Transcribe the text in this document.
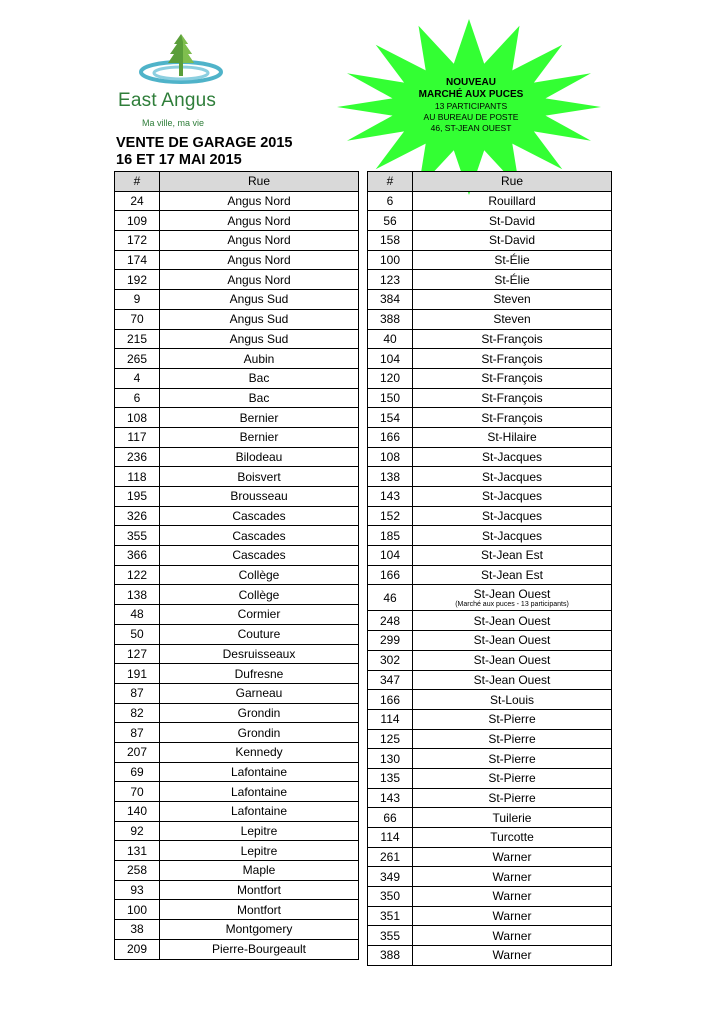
East Angus
Ma ville, ma vie
VENTE DE GARAGE 2015
16 ET 17 MAI 2015
NOUVEAU
MARCHÉ AUX PUCES
13 PARTICIPANTS
AU BUREAU DE POSTE
46, ST-JEAN OUEST
#	Rue
24	Angus Nord
109	Angus Nord
172	Angus Nord
174	Angus Nord
192	Angus Nord
9	Angus Sud
70	Angus Sud
215	Angus Sud
265	Aubin
4	Bac
6	Bac
108	Bernier
117	Bernier
236	Bilodeau
118	Boisvert
195	Brousseau
326	Cascades
355	Cascades
366	Cascades
122	Collège
138	Collège
48	Cormier
50	Couture
127	Desruisseaux
191	Dufresne
87	Garneau
82	Grondin
87	Grondin
207	Kennedy
69	Lafontaine
70	Lafontaine
140	Lafontaine
92	Lepitre
131	Lepitre
258	Maple
93	Montfort
100	Montfort
38	Montgomery
209	Pierre-Bourgeault
#	Rue
6	Rouillard
56	St-David
158	St-David
100	St-Élie
123	St-Élie
384	Steven
388	Steven
40	St-François
104	St-François
120	St-François
150	St-François
154	St-François
166	St-Hilaire
108	St-Jacques
138	St-Jacques
143	St-Jacques
152	St-Jacques
185	St-Jacques
104	St-Jean Est
166	St-Jean Est
46	St-Jean Ouest
(Marché aux puces - 13 participants)

248	St-Jean Ouest
299	St-Jean Ouest
302	St-Jean Ouest
347	St-Jean Ouest
166	St-Louis
114	St-Pierre
125	St-Pierre
130	St-Pierre
135	St-Pierre
143	St-Pierre
66	Tuilerie
114	Turcotte
261	Warner
349	Warner
350	Warner
351	Warner
355	Warner
388	Warner
